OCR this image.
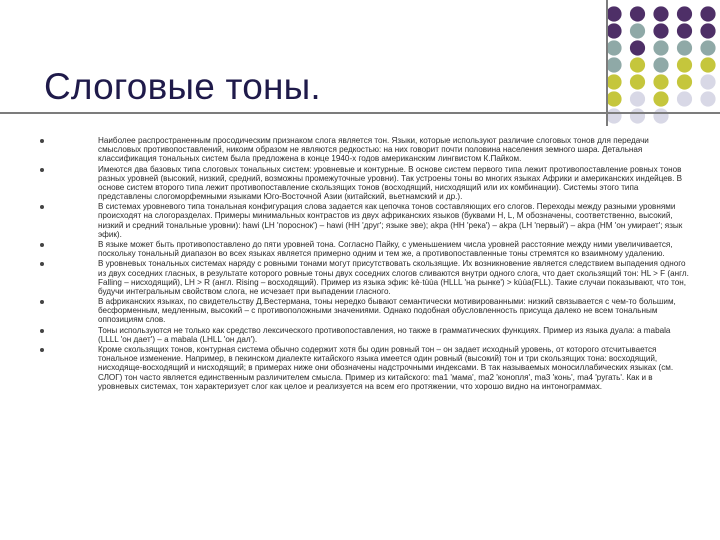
Слоговые тоны.
Наиболее распространенным просодическим признаком слога является тон. Языки, которые используют различие слоговых тонов для передачи смысловых противопоставлений, никоим образом не являются редкостью: на них говорит почти половина населения земного шара. Детальная классификация тональных систем была предложена в конце 1940-х годов американским лингвистом К.Пайком.
Имеются два базовых типа слоговых тональных систем: уровневые и контурные. В основе систем первого типа лежит противопоставление ровных тонов разных уровней (высокий, низкий, средний, возможны промежуточные уровни). Так устроены тоны во многих языках Африки и американских индейцев. В основе систем второго типа лежит противопоставление скользящих тонов (восходящий, нисходящий или их комбинации). Системы этого типа представлены слогоморфемными языками Юго-Восточной Азии (китайский, вьетнамский и др.).
В системах уровневого типа тональная конфигурация слова задается как цепочка тонов составляющих его слогов. Переходы между разными уровнями происходят на слогоразделах. Примеры минимальных контрастов из двух африканских языков (буквами H, L, M обозначены, соответственно, высокий, низкий и средний тональные уровни): hawi (LH 'пороснок') – hawi (HH 'друг'; языке эве); akpa (HH 'река') – akpa (LH 'первый') – akpa (HM 'он умирает'; язык эфик).
В языке может быть противопоставлено до пяти уровней тона. Согласно Пайку, с уменьшением числа уровней расстояние между ними увеличивается, поскольку тональный диапазон во всех языках является примерно одним и тем же, а противопоставленные тоны стремятся ко взаимному удалению.
В уровневых тональных системах наряду с ровными тонами могут присутствовать скользящие. Их возникновение является следствием выпадения одного из двух соседних гласных, в результате которого ровные тоны двух соседних слогов сливаются внутри одного слога, что дает скользящий тон: HL > F (англ. Falling – нисходящий), LH > R (англ. Rising – восходящий). Пример из языка эфик: kè·tùùa (HLLL 'на рынке') > kùùa(FLL). Такие случаи показывают, что тон, будучи интегральным свойством слога, не исчезает при выпадении гласного.
В африканских языках, по свидетельству Д.Вестермана, тоны нередко бывают семантически мотивированными: низкий связывается с чем-то большим, бесформенным, медленным, высокий – с противоположными значениями. Однако подобная обусловленность присуща далеко не всем тональным оппозициям слов.
Тоны используются не только как средство лексического противопоставления, но также в грамматических функциях. Пример из языка дуала: a mabala (LLLL 'он дает') – a mabala (LHLL 'он дал').
Кроме скользящих тонов, контурная система обычно содержит хотя бы один ровный тон – он задает исходный уровень, от которого отсчитывается тональное изменение. Например, в пекинском диалекте китайского языка имеется один ровный (высокий) тон и три скользящих тона: восходящий, нисходяще-восходящий и нисходящий; в примерах ниже они обозначены надстрочными индексами. В так называемых моносиллабических языках (см. СЛОГ) тон часто является единственным различителем смысла. Пример из китайского: ma1 'мама', ma2 'конопля', ma3 'конь', ma4 'ругать'. Как и в уровневых системах, тон характеризует слог как целое и реализуется на всем его протяжении, что хорошо видно на интонограммах.
